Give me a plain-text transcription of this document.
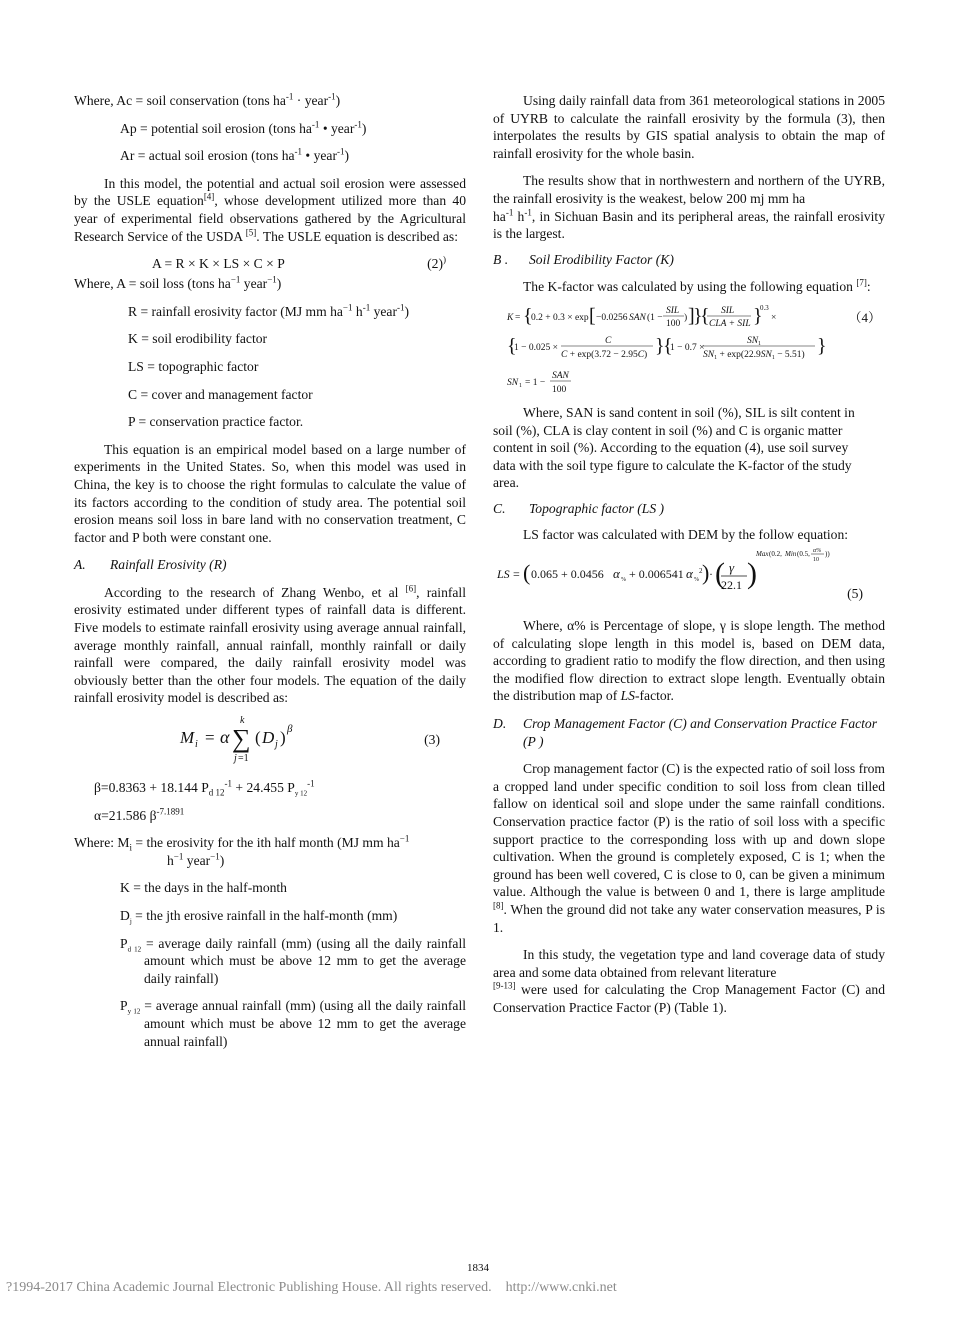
Where, Ac = soil conservation (tons $ha^{-1}$ · year$^{-1}$)

Ap = potential soil erosion (tons $ha^{-1}$ • year$^{-1}$)

Ar = actual soil erosion (tons $ha^{-1}$ • year$^{-1}$)

In this model, the potential and actual soil erosion were assessed by the USLE equation[4], whose development utilized more than 40 year of experimental field observations gathered by the Agricultural Research Service of the USDA [5]. The USLE equation is described as:

A = R × K × LS × C × P	(2))

Where, A = soil loss (tons $ha^{-1}$ year$^{-1}$)

R = rainfall erosivity factor (MJ mm $ha^{-1}$ $h^{-1}$ year$^{-1}$)

K = soil erodibility factor

LS = topographic factor

C = cover and management factor

P = conservation practice factor.

This equation is an empirical model based on a large number of experiments in the United States. So, when this model was used in China, the key is to choose the right formulas to calculate the value of its factors according to the condition of study area. The potential soil erosion means soil loss in bare land with no conservation treatment, C factor and P both were constant one.

A. Rainfall Erosivity (R)

According to the research of Zhang Wenbo, et al [6], rainfall erosivity estimated under different types of rainfall data is different. Five models to estimate rainfall erosivity using average annual rainfall, average monthly rainfall, annual rainfall, monthly rainfall or daily rainfall were compared, the daily rainfall erosivity model was obviously better than the other four models. The equation of the daily rainfall erosivity model is described as:

M i = α ∑
k
j =1
( D j ) β
(3)

β=0.8363 + 18.144 $P_{d 12}^{-1} + 24.455$ $P_{y 12}^{-1}$

α=21.586 $\beta^{-7.1891}$

Where: $M_i$ = the erosivity for the ith half month (MJ mm $ha^{-1}$
$h^{-1}$ year$^{-1}$)

K = the days in the half-month

$D_j$ = the jth erosive rainfall in the half-month (mm)

$P_{d 12}$ = average daily rainfall (mm) (using all the daily rainfall amount which must be above 12 mm to get the average daily rainfall)

$P_{y 12}$ = average annual rainfall (mm) (using all the daily rainfall amount which must be above 12 mm to get the average annual rainfall)

Using daily rainfall data from 361 meteorological stations in 2005 of UYRB to calculate the rainfall erosivity by the formula (3), then interpolates the results by GIS spatial analysis to obtain the map of rainfall erosivity for the whole basin.

The results show that in northwestern and northern of the UYRB, the rainfall erosivity is the weakest, below 200 mj mm ha
$ha^{-1}$ $h^{-1}$, in Sichuan Basin and its peripheral areas, the rainfall erosivity is the largest.

B . Soil Erodibility Factor (K)

The K-factor was calculated by using the following equation [7]:

K = {
0.2 + 0.3 × exp [ −0.0256 SAN (1 −
SIL
100
) ]
}
{ SIL
CLA + SIL }
0.3
×
{
1 − 0.025 ×
C
C + exp(3.72 − 2.95C) }
{
1 − 0.7 ×
SN 1
$SN_1 + \exp(22.9SN_1 - 5.51)$ }
SN 1 = 1 −
SAN
100
（4）

Where, SAN is sand content in soil (%), SIL is silt content in soil (%), CLA is clay content in soil (%) and C is organic matter content in soil (%). According to the equation (4), use soil survey data with the soil type figure to calculate the K-factor of the study area.

C. Topographic factor (LS )

LS factor was calculated with DEM by the follow equation:

LS = ( 0.065 + 0.0456 α % + 0.006541 α %
2 ) · ( γ
22.1 )
Max (0.2, Min (0.5, α%
10
))
(5)

Where, α% is Percentage of slope, γ is slope length. The method of calculating slope length in this model is, based on DEM data, according to gradient ratio to modify the flow direction, and then using the modified flow direction to extract slope length. Eventually obtain the distribution map of LS-factor.

D. Crop Management Factor (C) and Conservation Practice Factor (P )

Crop management factor (C) is the expected ratio of soil loss from a cropped land under specific condition to soil loss from clean tilled fallow on identical soil and slope under the same rainfall conditions. Conservation practice factor (P) is the ratio of soil loss with a specific support practice to the corresponding loss with up and down slope cultivation. When the ground is completely exposed, C is 1; when the ground has been well covered, C is close to 0, can be given a minimum value. Although the value is between 0 and 1, there is large amplitude [8]. When the ground did not take any water conservation measures, P is 1.

In this study, the vegetation type and land coverage data of study area and some data obtained from relevant literature
[9-13] were used for calculating the Crop Management Factor (C) and Conservation Practice Factor (P) (Table 1).

1834
?1994-2017 China Academic Journal Electronic Publishing House. All rights reserved.    http://www.cnki.net
